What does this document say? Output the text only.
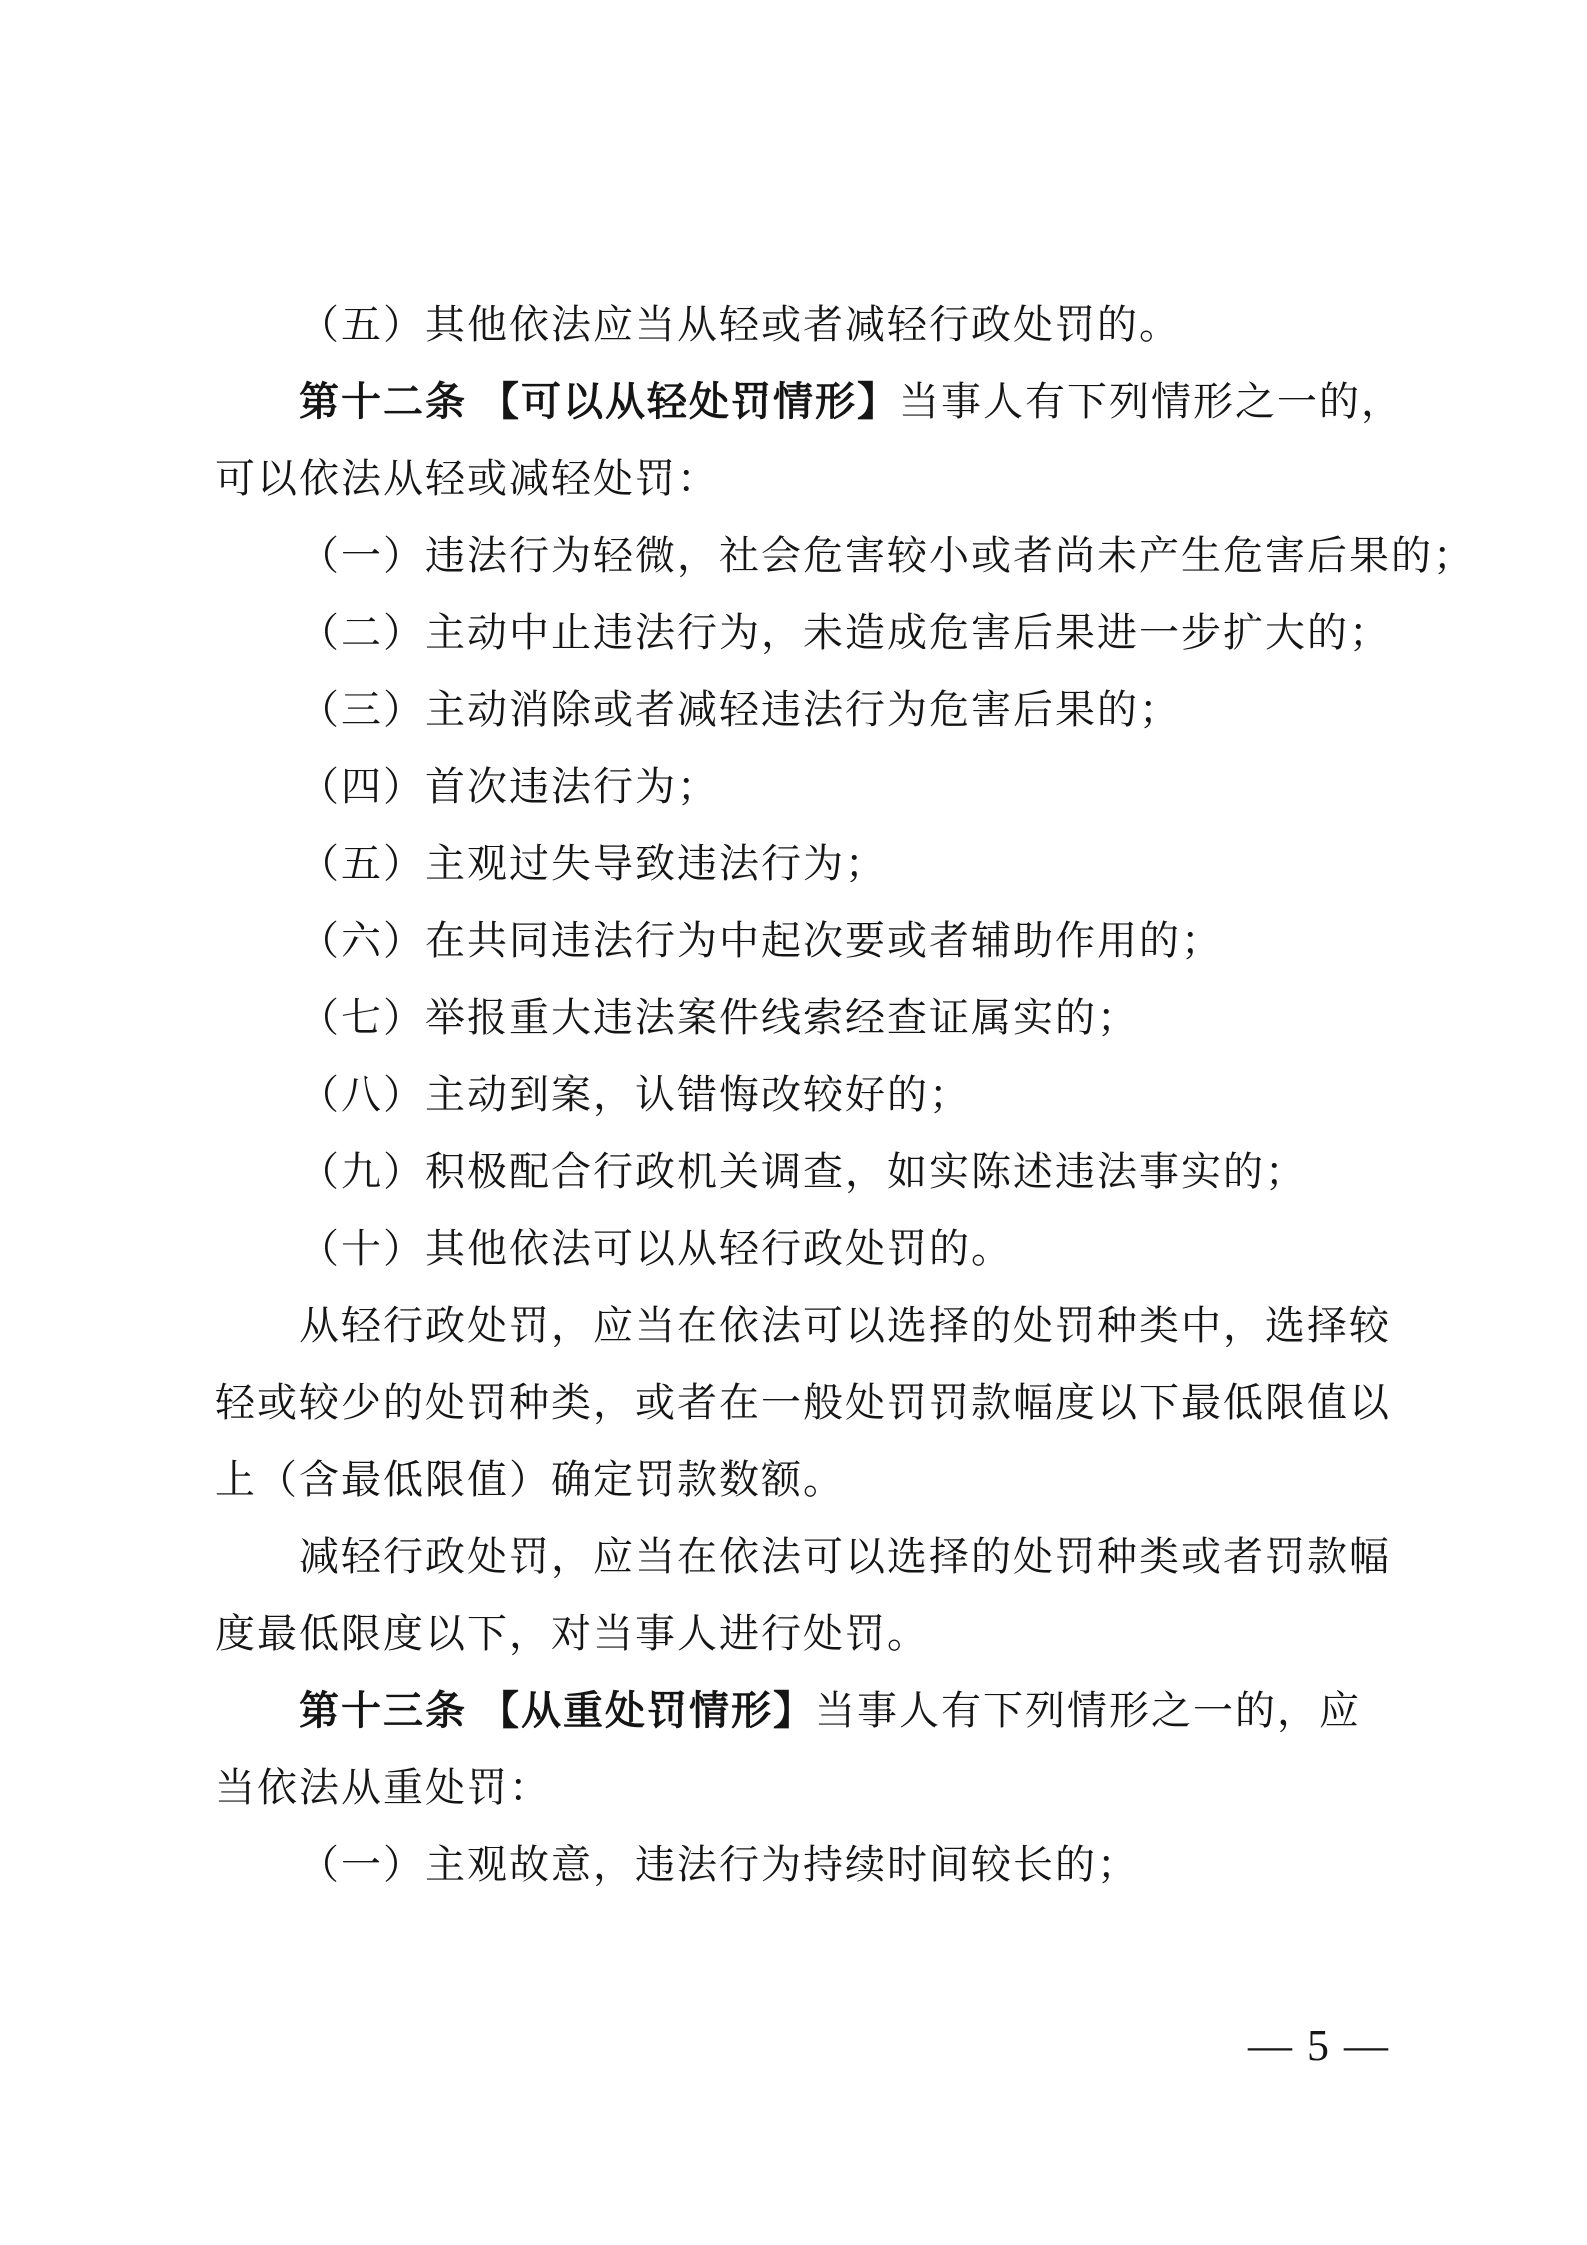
（五）其他依法应当从轻或者减轻行政处罚的。
第十二条 【可以从轻处罚情形】当事人有下列情形之一的，
可以依法从轻或减轻处罚：
（一）违法行为轻微，社会危害较小或者尚未产生危害后果的；
（二）主动中止违法行为，未造成危害后果进一步扩大的；
（三）主动消除或者减轻违法行为危害后果的；
（四）首次违法行为；
（五）主观过失导致违法行为；
（六）在共同违法行为中起次要或者辅助作用的；
（七）举报重大违法案件线索经查证属实的；
（八）主动到案，认错悔改较好的；
（九）积极配合行政机关调查，如实陈述违法事实的；
（十）其他依法可以从轻行政处罚的。
从轻行政处罚，应当在依法可以选择的处罚种类中，选择较
轻或较少的处罚种类，或者在一般处罚罚款幅度以下最低限值以
上（含最低限值）确定罚款数额。
减轻行政处罚，应当在依法可以选择的处罚种类或者罚款幅
度最低限度以下，对当事人进行处罚。
第十三条 【从重处罚情形】当事人有下列情形之一的，应
当依法从重处罚：
（一）主观故意，违法行为持续时间较长的；
— 5 —
